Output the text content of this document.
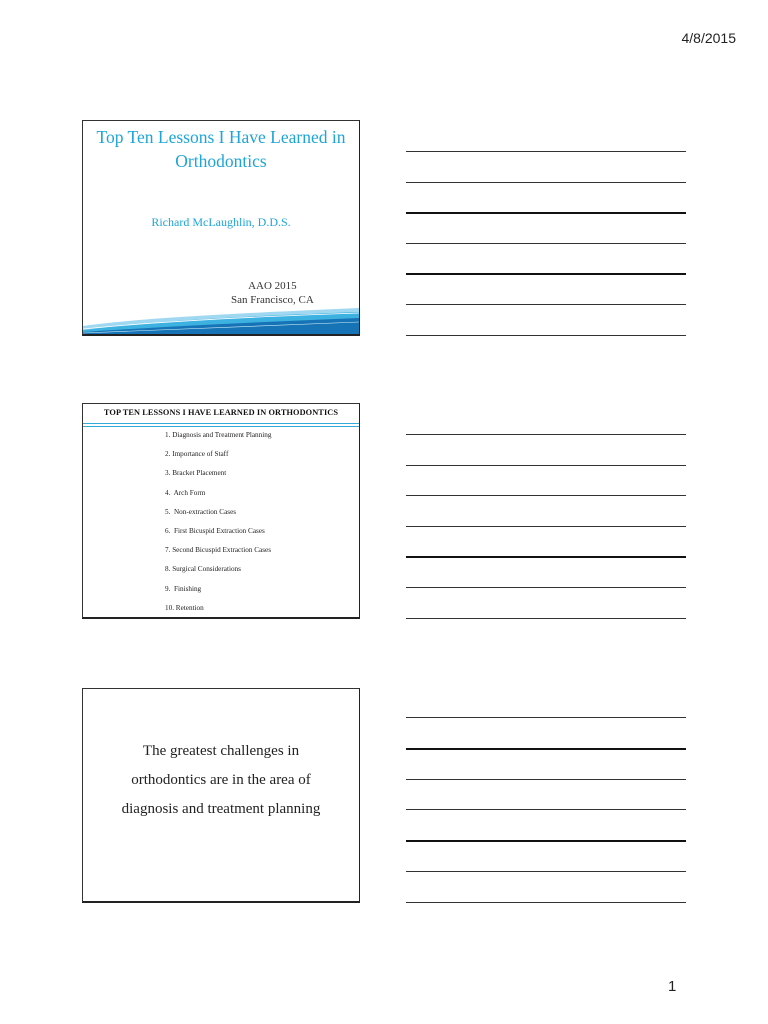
4/8/2015
Top Ten Lessons I Have Learned in
Orthodontics
Richard McLaughlin, D.D.S.
AAO 2015
San Francisco, CA
TOP TEN LESSONS I HAVE LEARNED IN ORTHODONTICS
1. Diagnosis and Treatment Planning
2. Importance of Staff
3. Bracket Placement
4.  Arch Form
5.  Non-extraction Cases
6.  First Bicuspid Extraction Cases
7. Second Bicuspid Extraction Cases
8. Surgical Considerations
9.  Finishing
10. Retention
The greatest challenges in
orthodontics are in the area of
diagnosis and treatment planning
1
